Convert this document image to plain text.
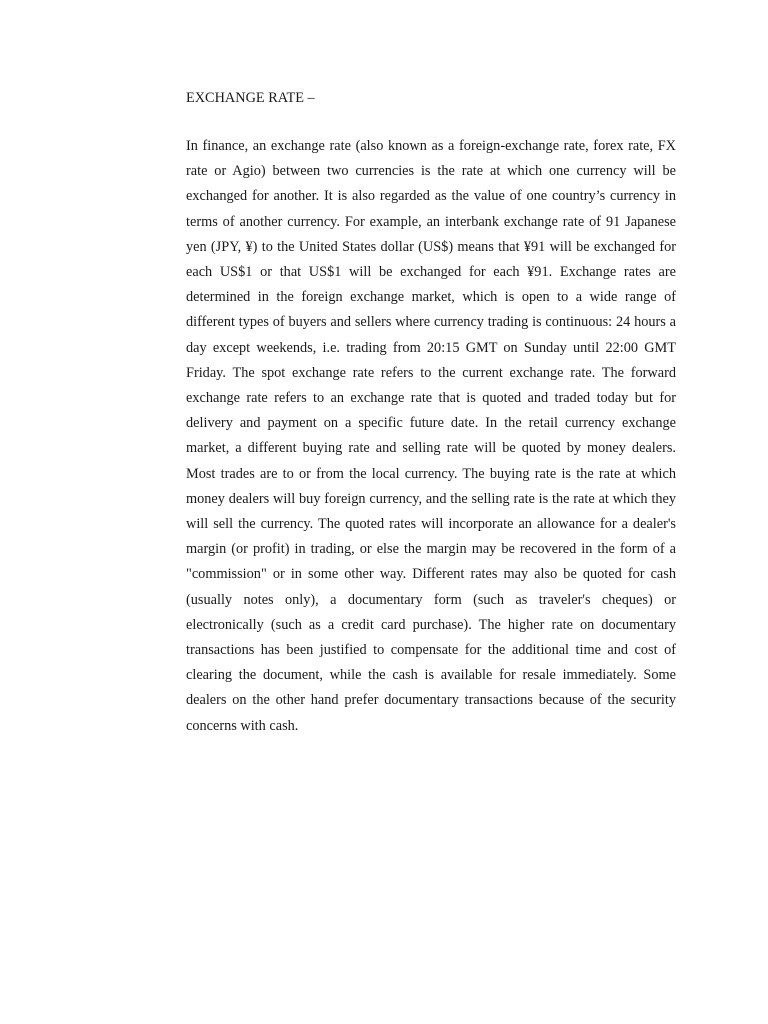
EXCHANGE RATE –

In finance, an exchange rate (also known as a foreign-exchange rate, forex rate, FX rate or Agio) between two currencies is the rate at which one currency will be exchanged for another. It is also regarded as the value of one country’s currency in terms of another currency. For example, an interbank exchange rate of 91 Japanese yen (JPY, ¥) to the United States dollar (US$) means that ¥91 will be exchanged for each US$1 or that US$1 will be exchanged for each ¥91. Exchange rates are determined in the foreign exchange market, which is open to a wide range of different types of buyers and sellers where currency trading is continuous: 24 hours a day except weekends, i.e. trading from 20:15 GMT on Sunday until 22:00 GMT Friday. The spot exchange rate refers to the current exchange rate. The forward exchange rate refers to an exchange rate that is quoted and traded today but for delivery and payment on a specific future date. In the retail currency exchange market, a different buying rate and selling rate will be quoted by money dealers. Most trades are to or from the local currency. The buying rate is the rate at which money dealers will buy foreign currency, and the selling rate is the rate at which they will sell the currency. The quoted rates will incorporate an allowance for a dealer's margin (or profit) in trading, or else the margin may be recovered in the form of a "commission" or in some other way. Different rates may also be quoted for cash (usually notes only), a documentary form (such as traveler's cheques) or electronically (such as a credit card purchase). The higher rate on documentary transactions has been justified to compensate for the additional time and cost of clearing the document, while the cash is available for resale immediately. Some dealers on the other hand prefer documentary transactions because of the security concerns with cash.
